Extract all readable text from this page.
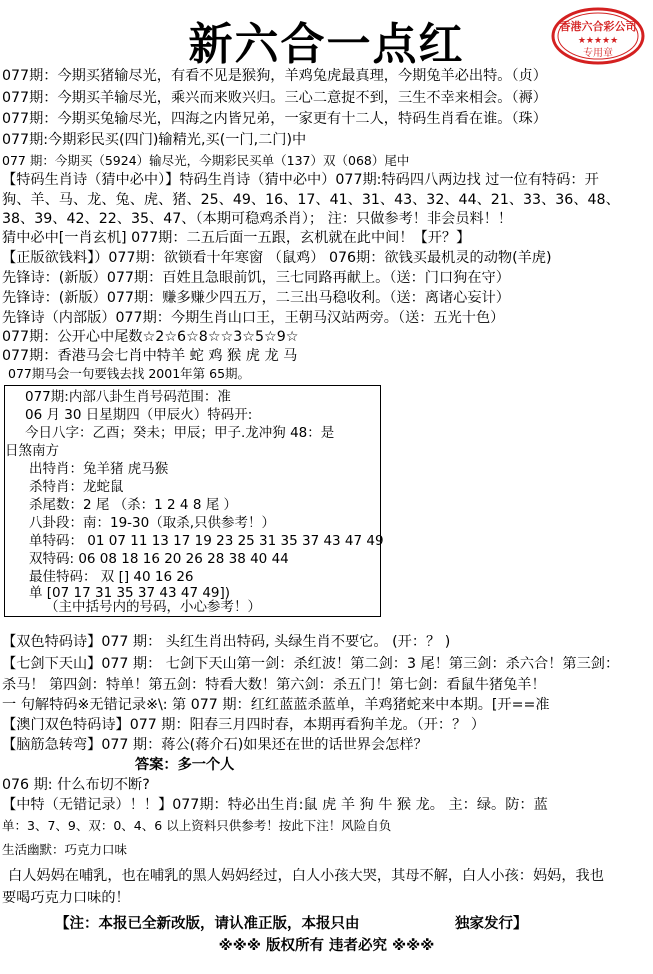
新六合一点红	香港六合彩公司
★★★★★
专用章
077期：今期买猪输尽光，有看不见是猴狗，羊鸡兔虎最真理，今期兔羊必出特。（贞）
077期：今期买羊输尽光，乘兴而来败兴归。三心二意捉不到，三生不幸来相会。（褥）
077期：今期买兔输尽光，四海之内皆兄弟，一家更有十二人，特码生肖看在谁。（珠）
077期:今期彩民买(四门)输精光,买(一门,二门)中
077 期：今期买（5924）输尽光，今期彩民买单（137）双（068）尾中
【特码生肖诗（猜中必中）】特码生肖诗（猜中必中）077期:特码四八两边找 过一位有特码：开
狗、羊、马、龙、兔、虎、猪、25、49、16、17、41、31、43、32、44、21、33、36、48、
38、39、42、22、35、47、（本期可稳鸡杀肖）； 注：只做参考！非会员料！！
猜中必中[一肖玄机] 077期：二五后面一五跟，玄机就在此中间！【开？】
【正版欲钱料】）077期：欲锁看十年寒窗 （鼠鸡） 076期：欲钱买最机灵的动物(羊虎)
先锋诗：(新版）077期：百姓且急眼前饥，三七同路再献上。（送：门口狗在守）
先锋诗：(新版）077期：赚多赚少四五万，二三出马稳收利。（送：离诸心妄计）
先锋诗（内部版）077期：今期生肖山口王，王朝马汉站两旁。（送：五光十色）
077期：公开心中尾数☆2☆6☆8☆☆3☆5☆9☆
077期：香港马会七肖中特羊 蛇 鸡 猴 虎 龙 马
077期马会一句要钱去找 2001年第 65期。
077期:内部八卦生肖号码范围：准
06 月 30 日星期四（甲辰火）特码开:
今日八字：乙酉；癸未；甲辰；甲子.龙冲狗 48：是
日煞南方
出特肖：兔羊猪 虎马猴
杀特肖：龙蛇鼠
杀尾数：2 尾 （杀：1 2 4 8 尾 ）
八卦段：南：19-30（取杀,只供参考！）
单特码： 01 07 11 13 17 19 23 25 31 35 37 43 47 49
双特码: 06 08 18 16 20 26 28 38 40 44
最佳特码： 双 [] 40 16 26
单 [07 17 31 35 37 43 47 49])
（主中括号内的号码，小心参考！）
【双色特码诗】077 期： 头红生肖出特码, 头绿生肖不要它。 (开：？ )
【七剑下天山】077 期： 七剑下天山第一剑：杀红波！第二剑：3 尾！第三剑：杀六合！第三剑：
杀马！ 第四剑：特单！第五剑：特看大数！第六剑：杀五门！第七剑：看鼠牛猪兔羊！
一 句解特码※无错记录※\: 第 077 期：红红蓝蓝杀蓝单，羊鸡猪蛇来中本期。[开==准
【澳门双色特码诗】077 期：阳春三月四时春，本期再看狗羊龙。（开：？ ）
【脑筋急转弯】077 期：蒋公(蒋介石)如果还在世的话世界会怎样？
答案：多一个人
076 期: 什么布切不断?
【中特（无错记录）！！】077期：特必出生肖:鼠 虎 羊 狗 牛 猴 龙。 主：绿。防：蓝
单：3、7、9、双：0、4、6 以上资料只供参考！按此下注！风险自负
生活幽默：巧克力口味
白人妈妈在哺乳，也在哺乳的黑人妈妈经过，白人小孩大哭，其母不解，白人小孩：妈妈，我也
要喝巧克力口味的！
【注：本报已全新改版，请认准正版，本报只由	独家发行】
※※※ 版权所有 违者必究 ※※※
